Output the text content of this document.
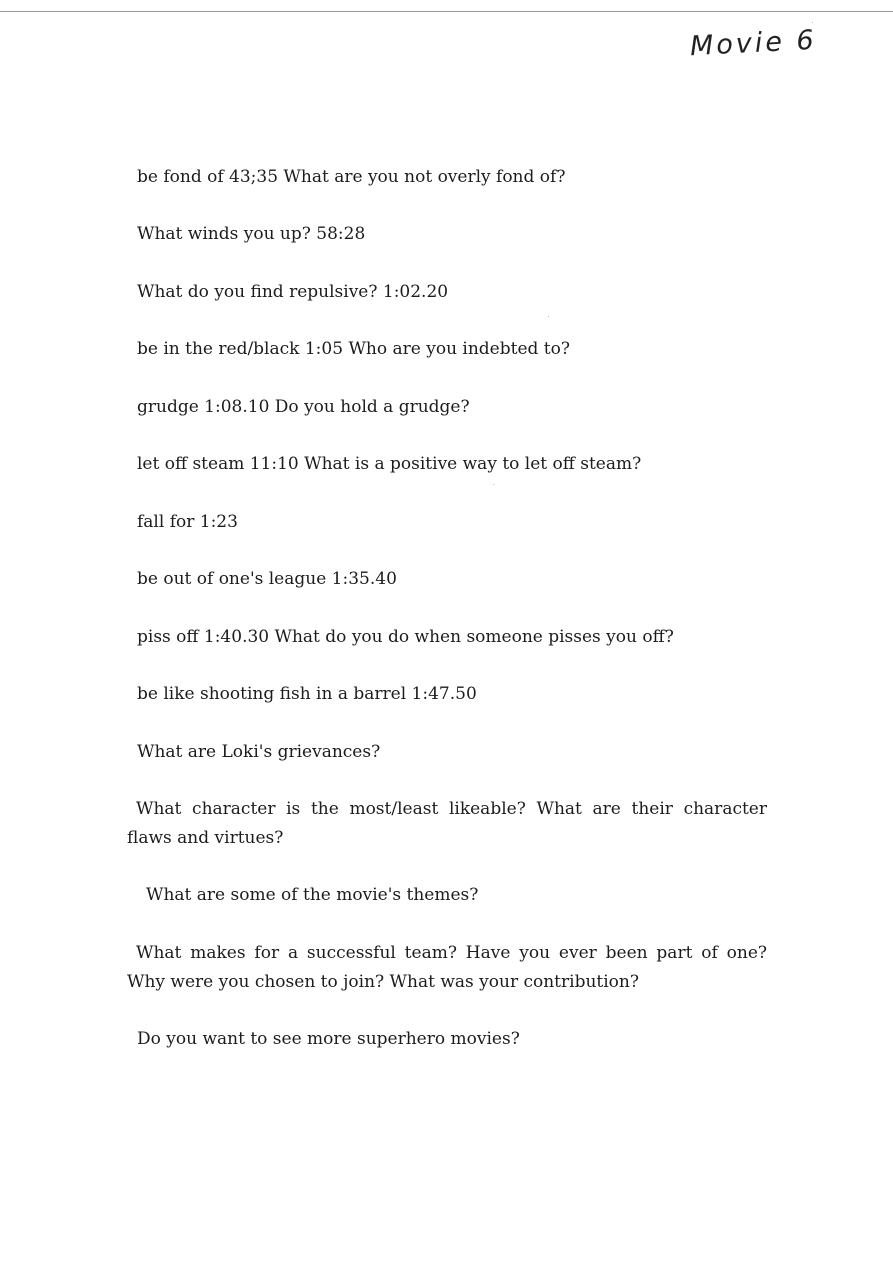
Movie 6
be fond of 43;35 What are you not overly fond of?
What winds you up? 58:28
What do you find repulsive? 1:02.20
be in the red/black 1:05 Who are you indebted to?
grudge 1:08.10 Do you hold a grudge?
let off steam 11:10 What is a positive way to let off steam?
fall for 1:23
be out of one's league 1:35.40
piss off 1:40.30 What do you do when someone pisses you off?
be like shooting fish in a barrel 1:47.50
What are Loki's grievances?
What character is the most/least likeable? What are their character flaws and virtues?
What are some of the movie's themes?
What makes for a successful team? Have you ever been part of one? Why were you chosen to join? What was your contribution?
Do you want to see more superhero movies?
